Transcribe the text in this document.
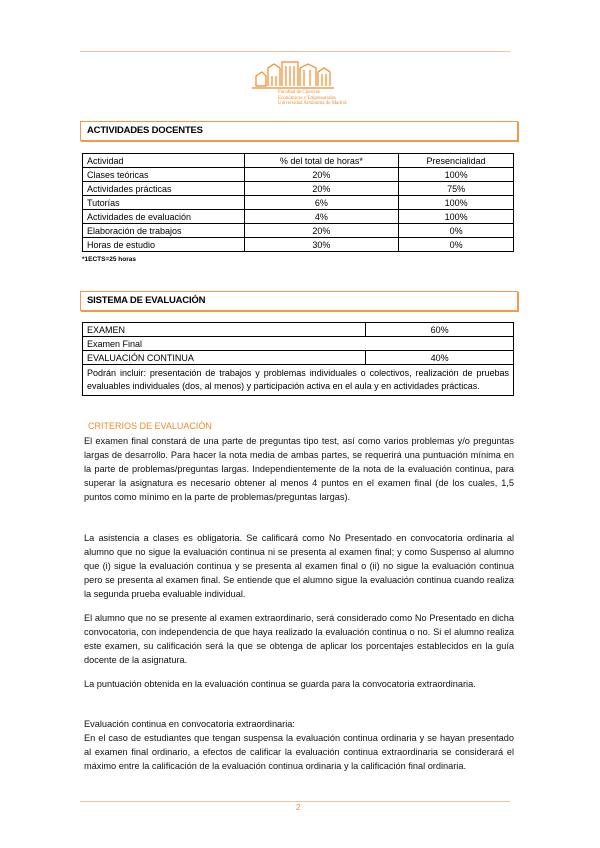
Facultad de Ciencias
Económicas y Empresariales
Universidad Autónoma de Madrid
ACTIVIDADES DOCENTES
Actividad	% del total de horas*	Presencialidad
Clases teóricas	20%	100%
Actividades prácticas	20%	75%
Tutorías	6%	100%
Actividades de evaluación	4%	100%
Elaboración de trabajos	20%	0%
Horas de estudio	30%	0%
*1ECTS=25 horas
SISTEMA DE EVALUACIÓN
EXAMEN	60%
Examen Final	
EVALUACIÓN CONTINUA	40%
Podrán incluir: presentación de trabajos y problemas individuales o colectivos, realización de pruebas evaluables individuales (dos, al menos) y participación activa en el aula y en actividades prácticas.	
CRITERIOS DE EVALUACIÓN
El examen final constará de una parte de preguntas tipo test, así como varios problemas y/o preguntas largas de desarrollo. Para hacer la nota media de ambas partes, se requerirá una puntuación mínima en la parte de problemas/preguntas largas. Independientemente de la nota de la evaluación continua, para superar la asignatura es necesario obtener al menos 4 puntos en el examen final (de los cuales, 1,5 puntos como mínimo en la parte de problemas/preguntas largas).
La asistencia a clases es obligatoria. Se calificará como No Presentado en convocatoria ordinaria al alumno que no sigue la evaluación continua ni se presenta al examen final; y como Suspenso al alumno que (i) sigue la evaluación continua y se presenta al examen final o (ii) no sigue la evaluación continua pero se presenta al examen final. Se entiende que el alumno sigue la evaluación continua cuando realiza la segunda prueba evaluable individual.
El alumno que no se presente al examen extraordinario, será considerado como No Presentado en dicha convocatoria, con independencia de que haya realizado la evaluación continua o no. Si el alumno realiza este examen, su calificación será la que se obtenga de aplicar los porcentajes establecidos en la guía docente de la asignatura.
La puntuación obtenida en la evaluación continua se guarda para la convocatoria extraordinaria.
Evaluación continua en convocatoria extraordinaria:
En el caso de estudiantes que tengan suspensa la evaluación continua ordinaria y se hayan presentado al examen final ordinario, a efectos de calificar la evaluación continua extraordinaria se considerará el máximo entre la calificación de la evaluación continua ordinaria y la calificación final ordinaria.
2
